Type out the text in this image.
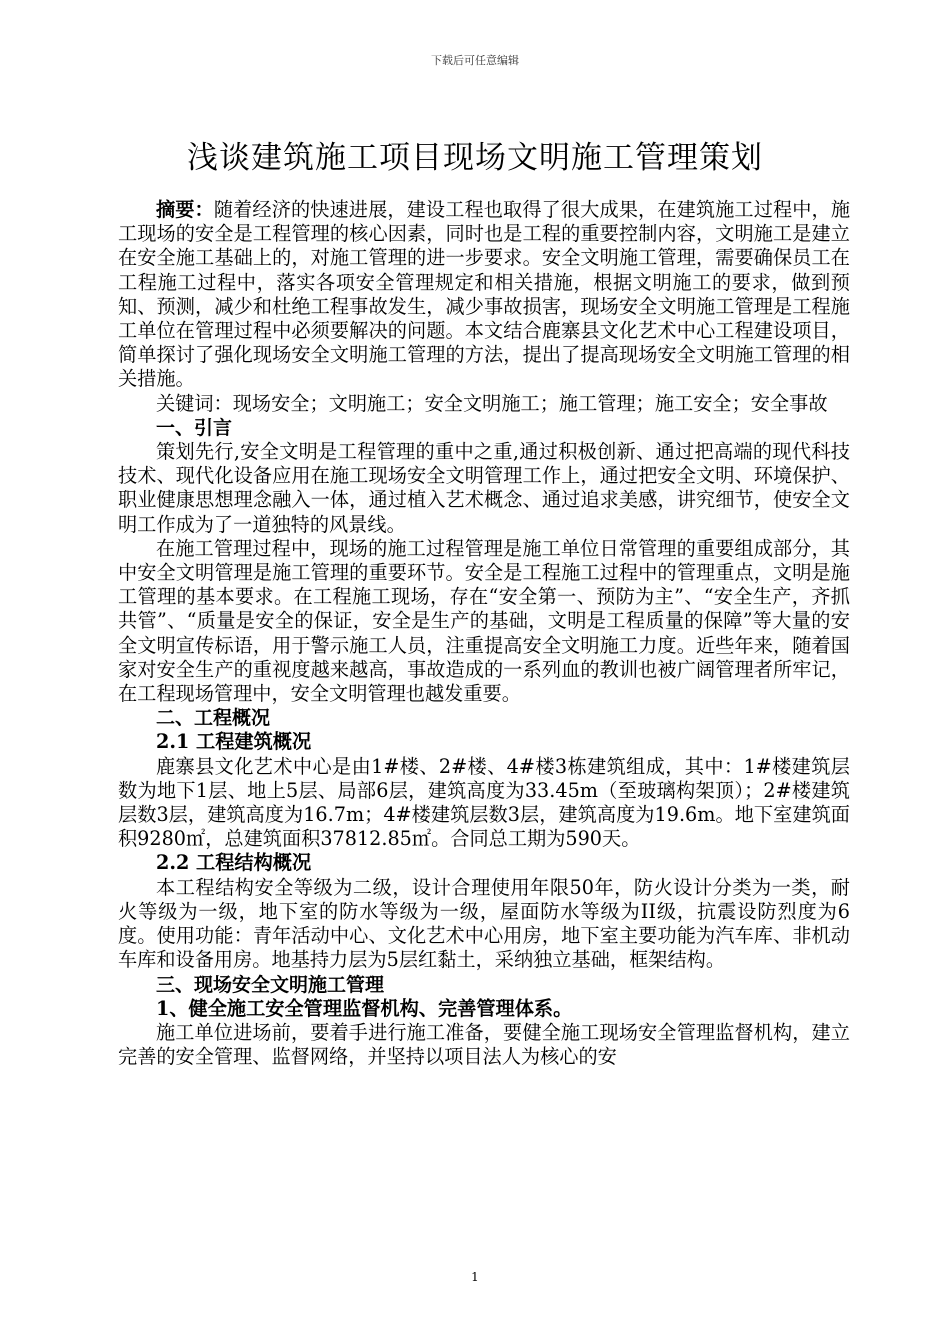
下载后可任意编辑
浅谈建筑施工项目现场文明施工管理策划

摘要：随着经济的快速进展，建设工程也取得了很大成果，在建筑施工过程中，施工现场的安全是工程管理的核心因素，同时也是工程的重要控制内容，文明施工是建立在安全施工基础上的，对施工管理的进一步要求。安全文明施工管理，需要确保员工在工程施工过程中，落实各项安全管理规定和相关措施，根据文明施工的要求，做到预知、预测，减少和杜绝工程事故发生，减少事故损害，现场安全文明施工管理是工程施工单位在管理过程中必须要解决的问题。本文结合鹿寨县文化艺术中心工程建设项目，简单探讨了强化现场安全文明施工管理的方法，提出了提高现场安全文明施工管理的相关措施。

关键词：现场安全；文明施工；安全文明施工；施工管理；施工安全；安全事故

一、引言

策划先行,安全文明是工程管理的重中之重,通过积极创新、通过把高端的现代科技技术、现代化设备应用在施工现场安全文明管理工作上，通过把安全文明、环境保护、职业健康思想理念融入一体，通过植入艺术概念、通过追求美感，讲究细节，使安全文明工作成为了一道独特的风景线。

在施工管理过程中，现场的施工过程管理是施工单位日常管理的重要组成部分，其中安全文明管理是施工管理的重要环节。安全是工程施工过程中的管理重点，文明是施工管理的基本要求。在工程施工现场，存在“安全第一、预防为主”、“安全生产，齐抓共管”、“质量是安全的保证，安全是生产的基础，文明是工程质量的保障”等大量的安全文明宣传标语，用于警示施工人员，注重提高安全文明施工力度。近些年来，随着国家对安全生产的重视度越来越高，事故造成的一系列血的教训也被广阔管理者所牢记，在工程现场管理中，安全文明管理也越发重要。

二、工程概况

2.1 工程建筑概况

鹿寨县文化艺术中心是由1#楼、2#楼、4#楼3栋建筑组成，其中：1#楼建筑层数为地下1层、地上5层、局部6层，建筑高度为33.45m（至玻璃构架顶）；2#楼建筑层数3层，建筑高度为16.7m；4#楼建筑层数3层，建筑高度为19.6m。地下室建筑面积9280㎡，总建筑面积37812.85㎡。合同总工期为590天。

2.2 工程结构概况

本工程结构安全等级为二级，设计合理使用年限50年，防火设计分类为一类，耐火等级为一级，地下室的防水等级为一级，屋面防水等级为II级，抗震设防烈度为6度。使用功能：青年活动中心、文化艺术中心用房，地下室主要功能为汽车库、非机动车库和设备用房。地基持力层为5层红黏土，采纳独立基础，框架结构。

三、现场安全文明施工管理

1、健全施工安全管理监督机构、完善管理体系。

施工单位进场前，要着手进行施工准备，要健全施工现场安全管理监督机构，建立完善的安全管理、监督网络，并坚持以项目法人为核心的安

1
